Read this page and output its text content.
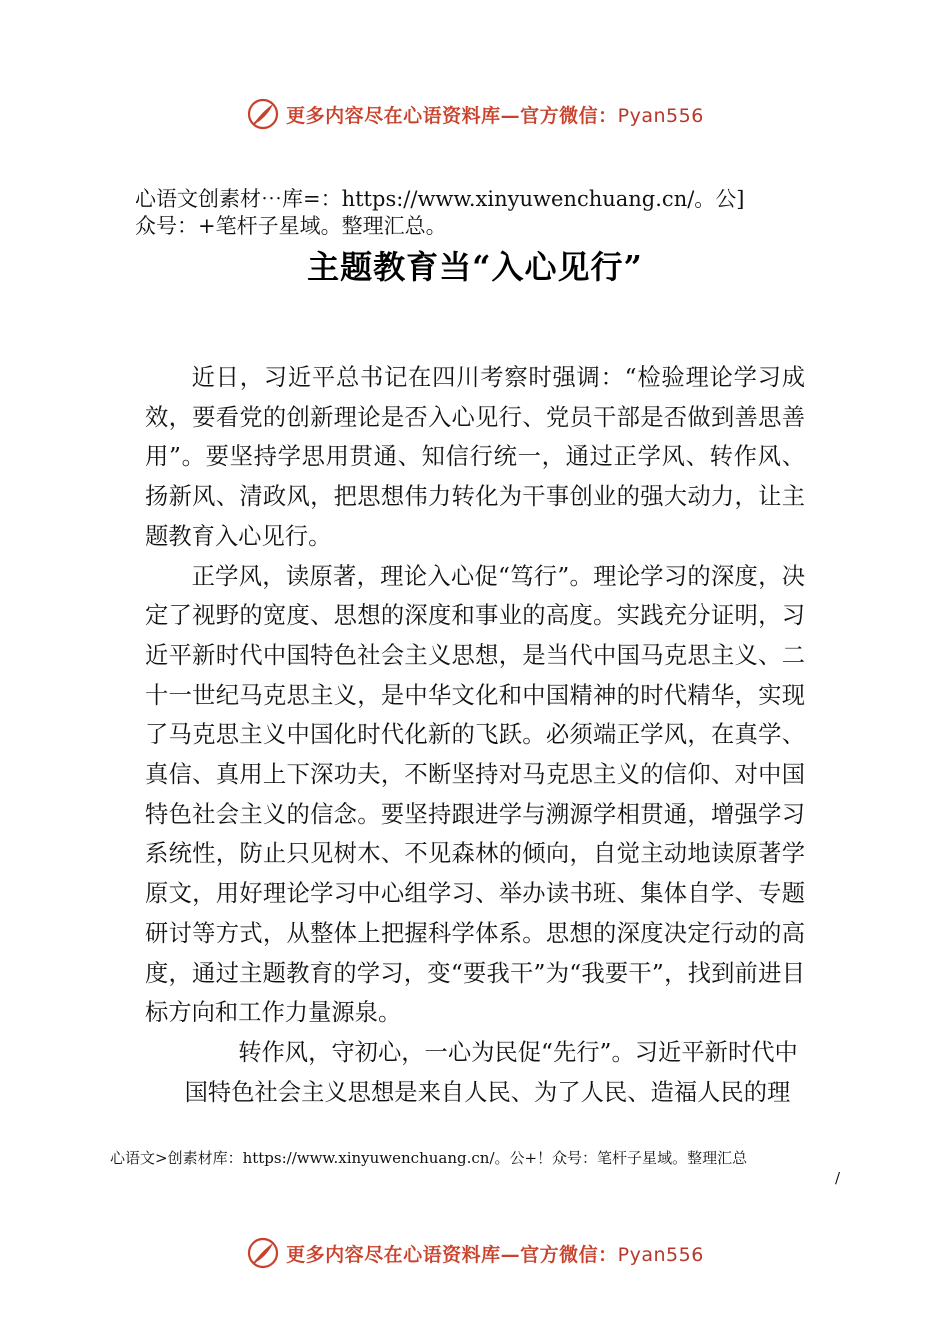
更多内容尽在心语资料库—官方微信：Pyan556
心语文创素材⋯库=：https://www.xinyuwenchuang.cn/。公]
众号：+笔杆子星域。整理汇总。
主题教育当“入心见行”

近日，习近平总书记在四川考察时强调：“检验理论学习成效，要看党的创新理论是否入心见行、党员干部是否做到善思善用”。要坚持学思用贯通、知信行统一，通过正学风、转作风、扬新风、清政风，把思想伟力转化为干事创业的强大动力，让主题教育入心见行。

正学风，读原著，理论入心促“笃行”。理论学习的深度，决定了视野的宽度、思想的深度和事业的高度。实践充分证明，习近平新时代中国特色社会主义思想，是当代中国马克思主义、二十一世纪马克思主义，是中华文化和中国精神的时代精华，实现了马克思主义中国化时代化新的飞跃。必须端正学风，在真学、真信、真用上下深功夫，不断坚持对马克思主义的信仰、对中国特色社会主义的信念。要坚持跟进学与溯源学相贯通，增强学习系统性，防止只见树木、不见森林的倾向，自觉主动地读原著学原文，用好理论学习中心组学习、举办读书班、集体自学、专题研讨等方式，从整体上把握科学体系。思想的深度决定行动的高度，通过主题教育的学习，变“要我干”为“我要干”，找到前进目标方向和工作力量源泉。

转作风，守初心，一心为民促“先行”。习近平新时代中
国特色社会主义思想是来自人民、为了人民、造福人民的理

心语文>创素材库：https://www.xinyuwenchuang.cn/。公+！众号：笔杆子星域。整理汇总
/
更多内容尽在心语资料库—官方微信：Pyan556
